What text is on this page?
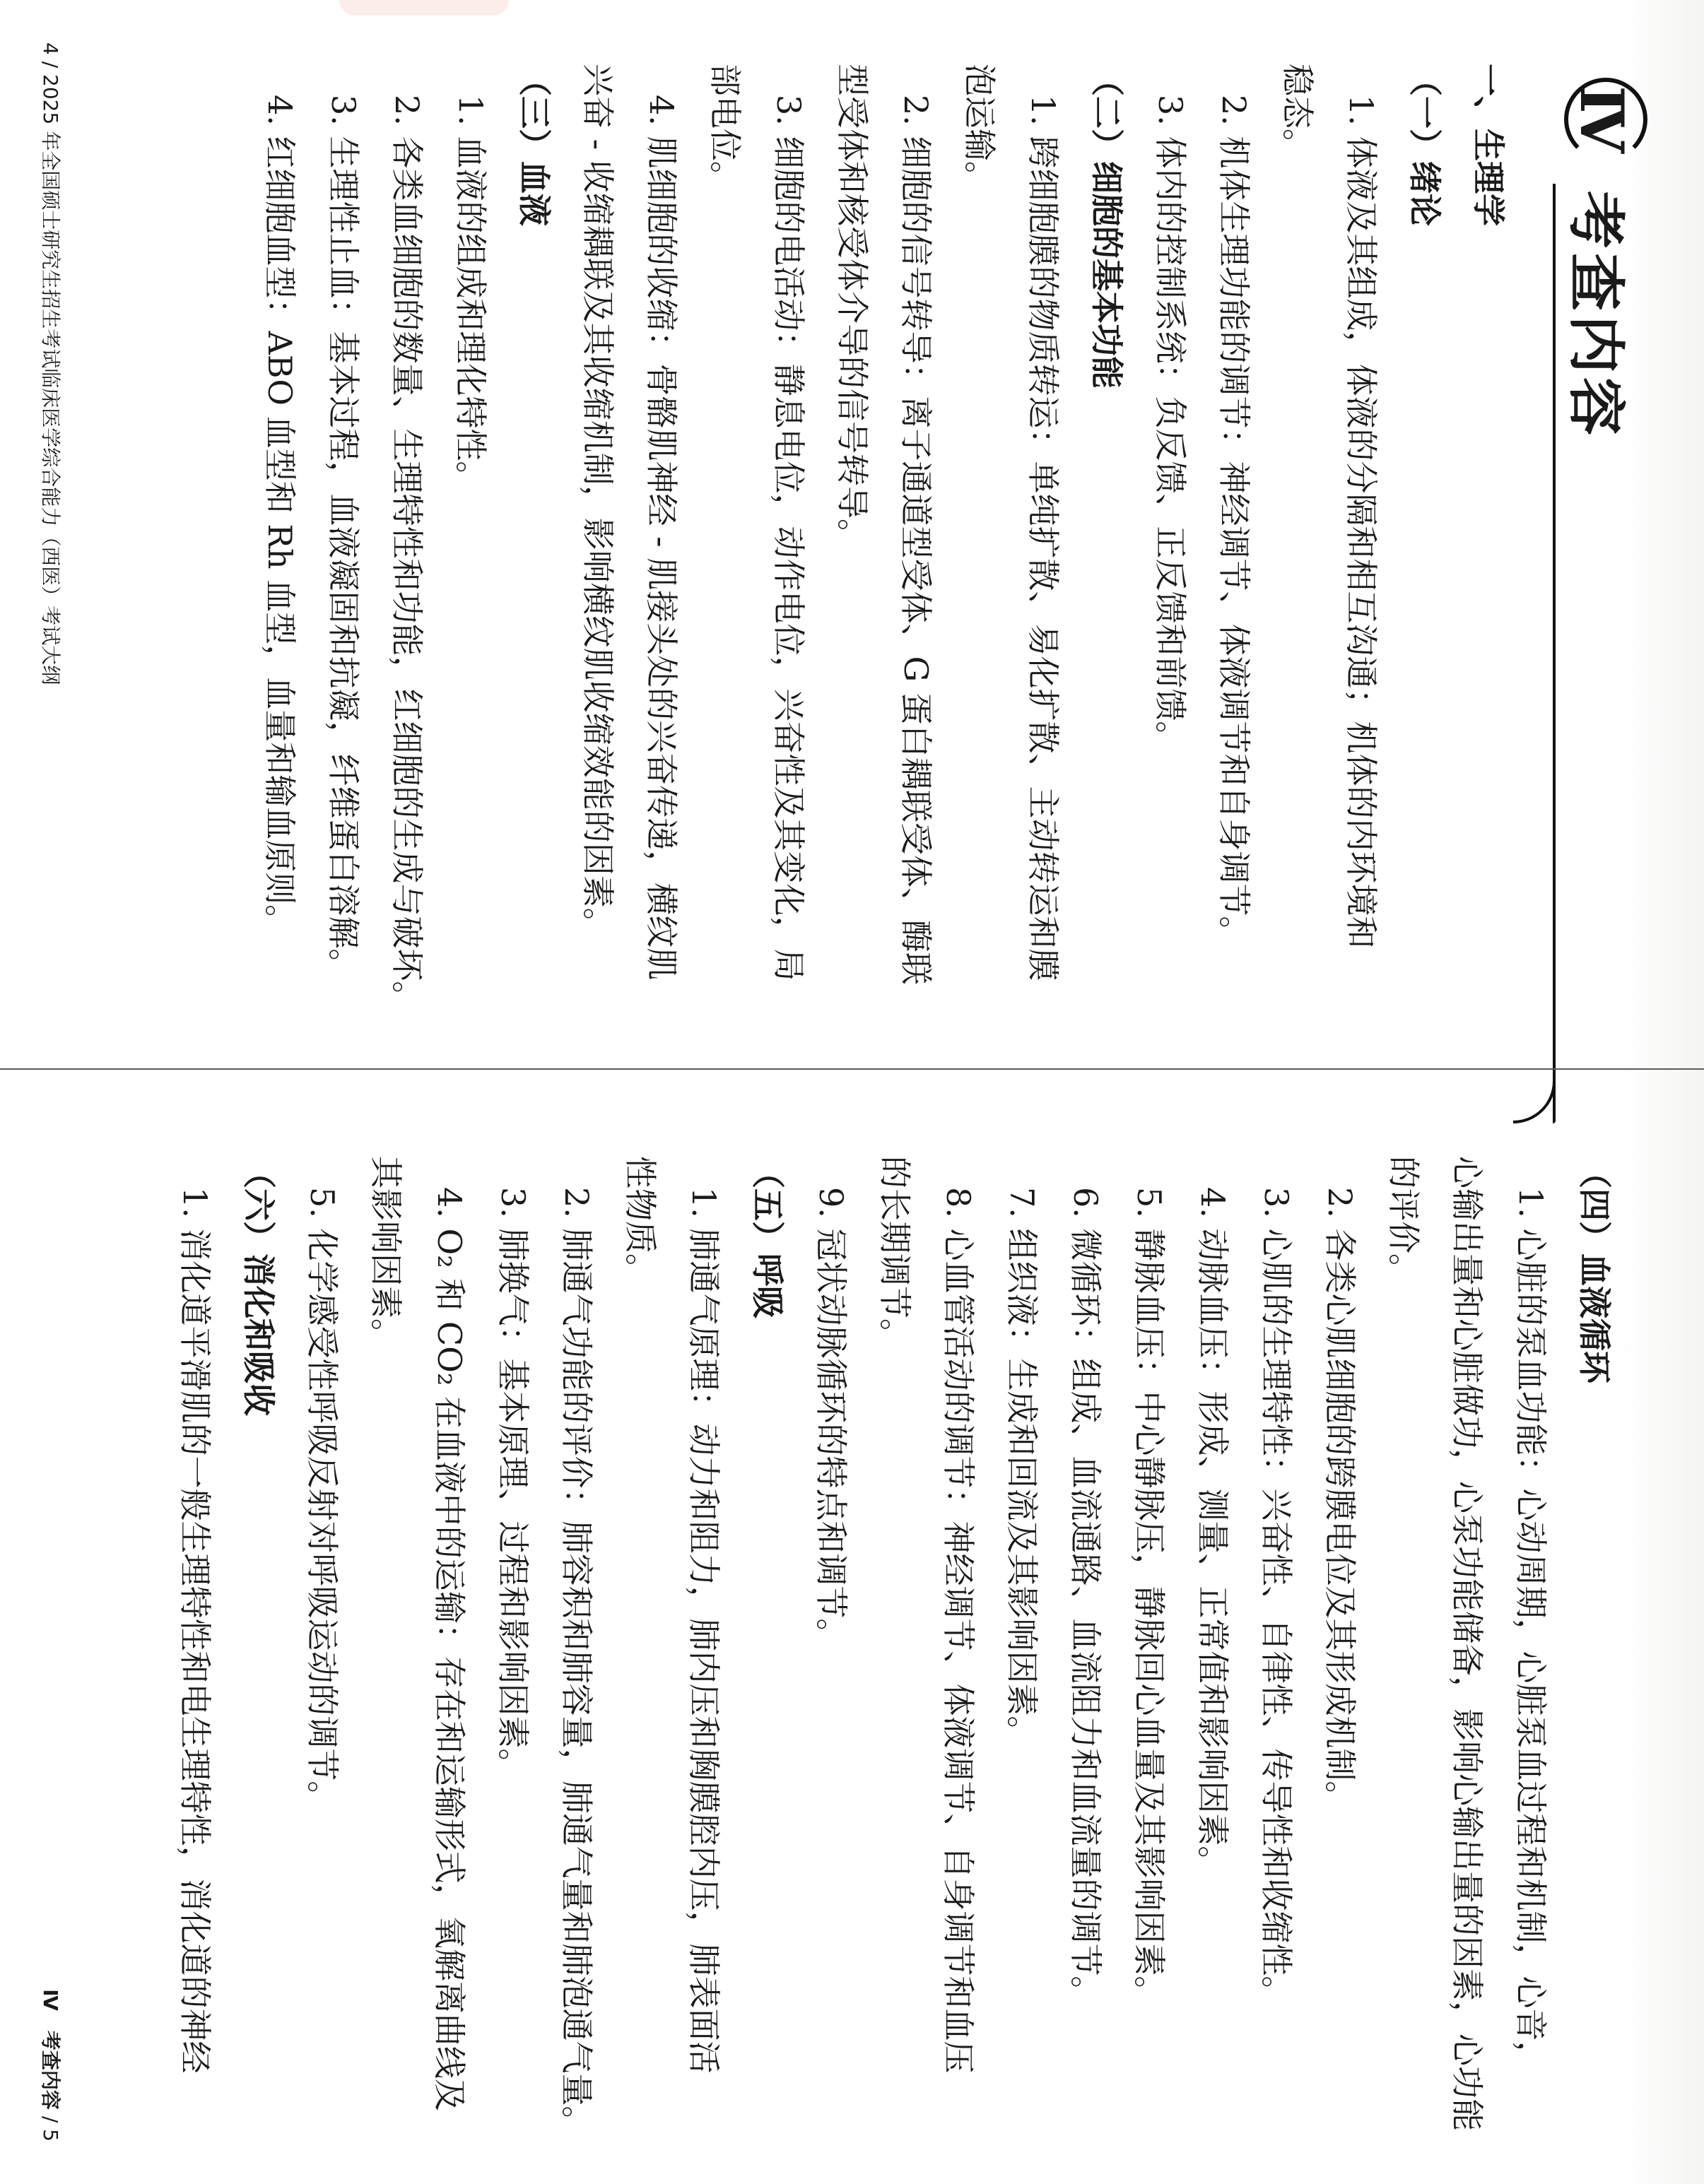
Ⅳ
考查内容
一、生理学
（一）绪论
1. 体液及其组成，体液的分隔和相互沟通；机体的内环境和
稳态。
2. 机体生理功能的调节：神经调节、体液调节和自身调节。
3. 体内的控制系统：负反馈、正反馈和前馈。
（二）细胞的基本功能
1. 跨细胞膜的物质转运：单纯扩散、易化扩散、主动转运和膜
泡运输。
2. 细胞的信号转导：离子通道型受体、G 蛋白耦联受体、酶联
型受体和核受体介导的信号转导。
3. 细胞的电活动：静息电位，动作电位，兴奋性及其变化，局
部电位。
4. 肌细胞的收缩：骨骼肌神经 - 肌接头处的兴奋传递，横纹肌
兴奋 - 收缩耦联及其收缩机制，影响横纹肌收缩效能的因素。
（三）血液
1. 血液的组成和理化特性。
2. 各类血细胞的数量、生理特性和功能，红细胞的生成与破坏。
3. 生理性止血：基本过程，血液凝固和抗凝，纤维蛋白溶解。
4. 红细胞血型：ABO 血型和 Rh 血型，血量和输血原则。
4 / 2025 年全国硕士研究生招生考试临床医学综合能力（西医）考试大纲
（四）血液循环
1. 心脏的泵血功能：心动周期，心脏泵血过程和机制，心音，
心输出量和心脏做功，心泵功能储备，影响心输出量的因素，心功能
的评价。
2. 各类心肌细胞的跨膜电位及其形成机制。
3. 心肌的生理特性：兴奋性、自律性、传导性和收缩性。
4. 动脉血压：形成、测量、正常值和影响因素。
5. 静脉血压：中心静脉压，静脉回心血量及其影响因素。
6. 微循环：组成、血流通路、血流阻力和血流量的调节。
7. 组织液：生成和回流及其影响因素。
8. 心血管活动的调节：神经调节、体液调节、自身调节和血压
的长期调节。
9. 冠状动脉循环的特点和调节。
（五）呼吸
1. 肺通气原理：动力和阻力，肺内压和胸膜腔内压，肺表面活
性物质。
2. 肺通气功能的评价：肺容积和肺容量，肺通气量和肺泡通气量。
3. 肺换气：基本原理、过程和影响因素。
4. O₂ 和 CO₂ 在血液中的运输：存在和运输形式，氧解离曲线及
其影响因素。
5. 化学感受性呼吸反射对呼吸运动的调节。
（六）消化和吸收
1. 消化道平滑肌的一般生理特性和电生理特性，消化道的神经
Ⅳ　考查内容 / 5
